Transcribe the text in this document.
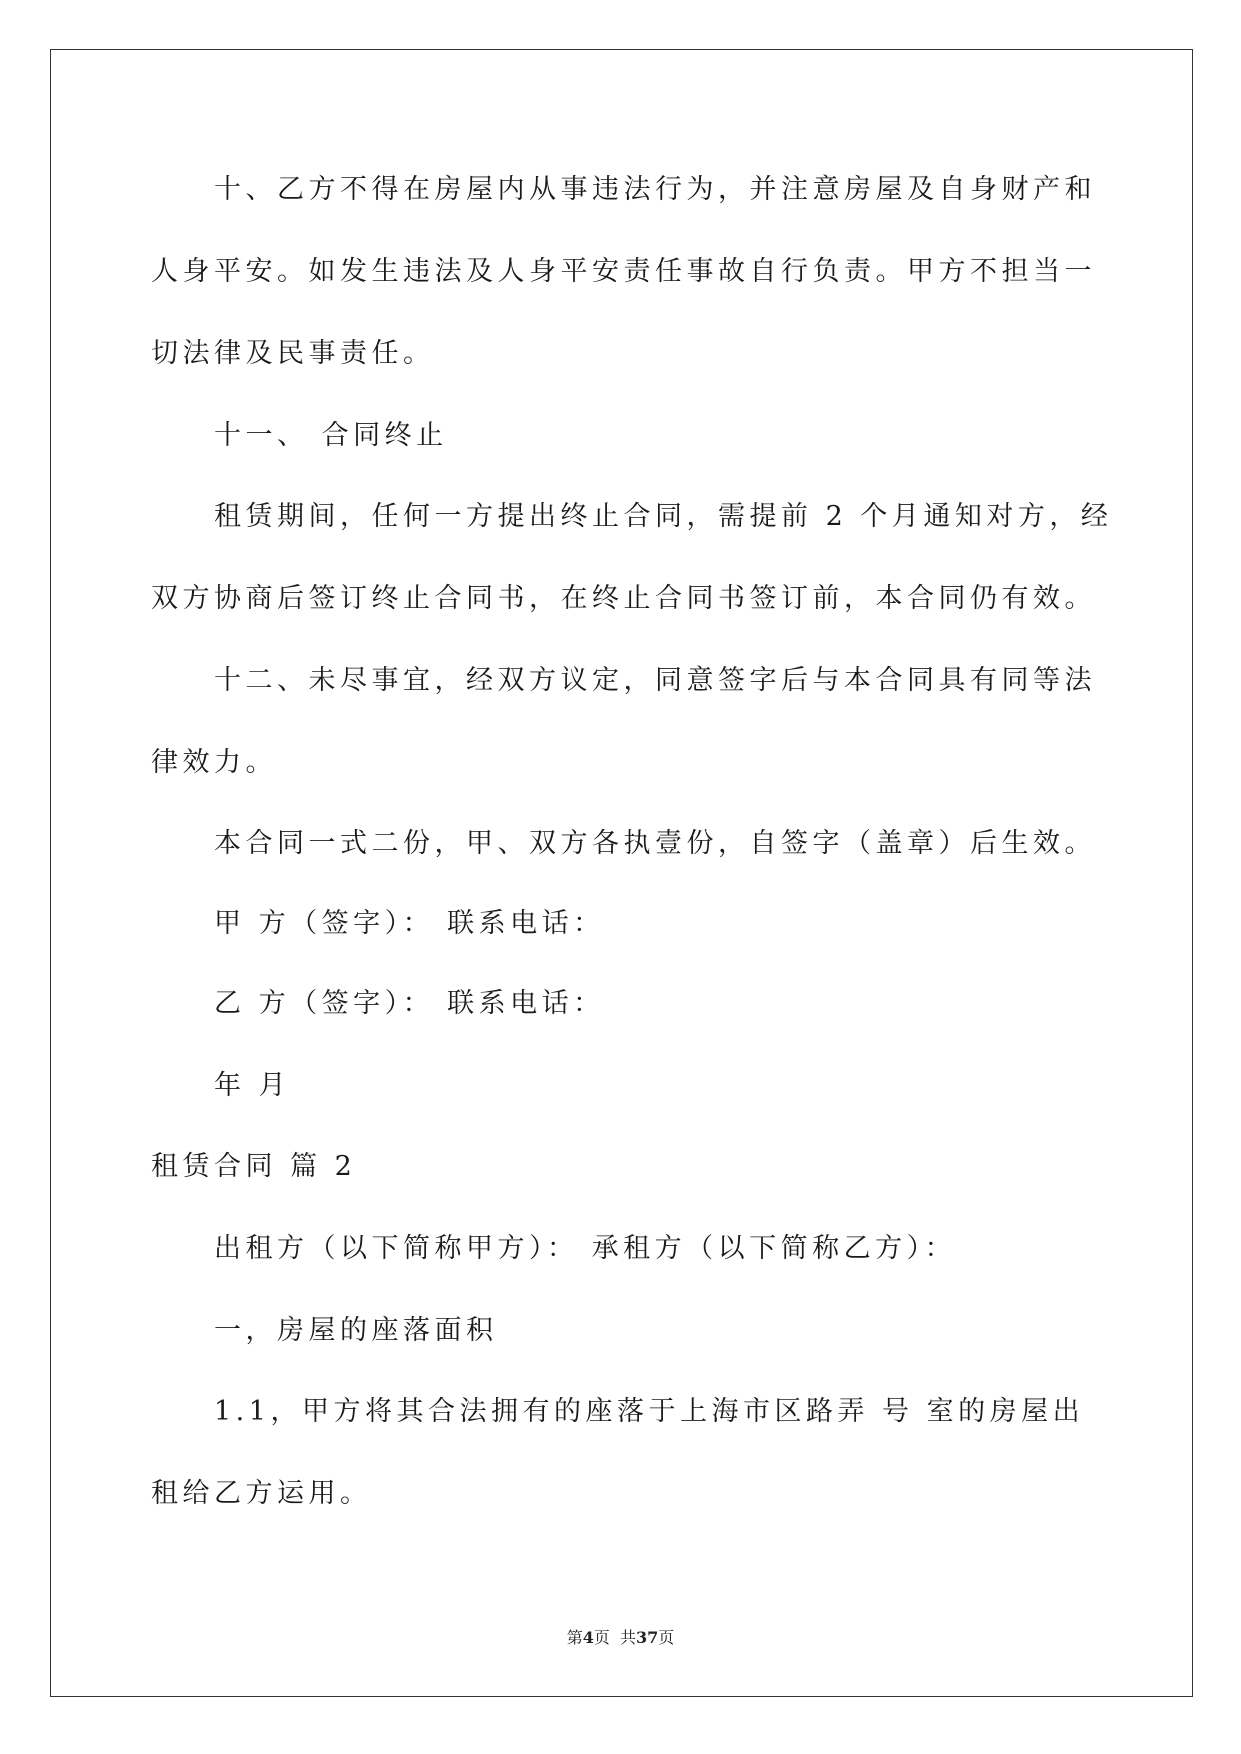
十、乙方不得在房屋内从事违法行为，并注意房屋及自身财产和
人身平安。如发生违法及人身平安责任事故自行负责。甲方不担当一
切法律及民事责任。
十一、 合同终止
租赁期间，任何一方提出终止合同，需提前 2 个月通知对方，经
双方协商后签订终止合同书，在终止合同书签订前，本合同仍有效。
十二、未尽事宜，经双方议定，同意签字后与本合同具有同等法
律效力。
本合同一式二份，甲、双方各执壹份，自签字（盖章）后生效。
甲 方（签字）： 联系电话：
乙 方（签字）： 联系电话：
年 月
租赁合同 篇 2
出租方（以下简称甲方）： 承租方（以下简称乙方）：
一，房屋的座落面积
1.1，甲方将其合法拥有的座落于上海市区路弄 号 室的房屋出
租给乙方运用。
第4页  共37页
